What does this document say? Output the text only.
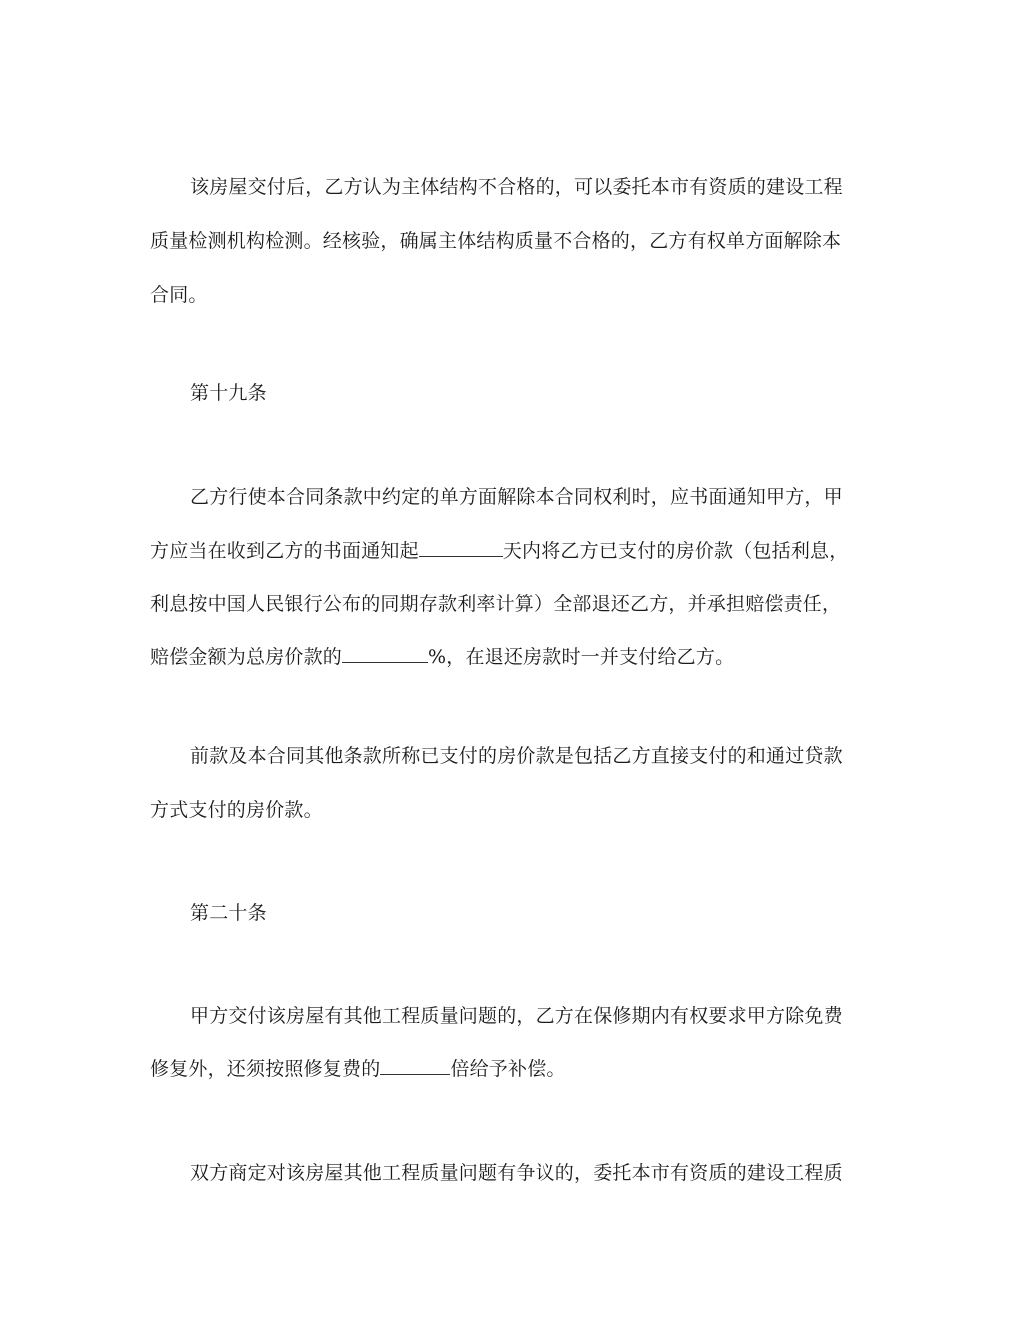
该房屋交付后，乙方认为主体结构不合格的，可以委托本市有资质的建设工程
质量检测机构检测。经核验，确属主体结构质量不合格的，乙方有权单方面解除本
合同。
第十九条
乙方行使本合同条款中约定的单方面解除本合同权利时，应书面通知甲方，甲
方应当在收到乙方的书面通知起	天内将乙方已支付的房价款（包括利息，
利息按中国人民银行公布的同期存款利率计算）全部退还乙方，并承担赔偿责任，
赔偿金额为总房价款的	%，在退还房款时一并支付给乙方。
前款及本合同其他条款所称已支付的房价款是包括乙方直接支付的和通过贷款
方式支付的房价款。
第二十条
甲方交付该房屋有其他工程质量问题的，乙方在保修期内有权要求甲方除免费
修复外，还须按照修复费的	倍给予补偿。
双方商定对该房屋其他工程质量问题有争议的，委托本市有资质的建设工程质
